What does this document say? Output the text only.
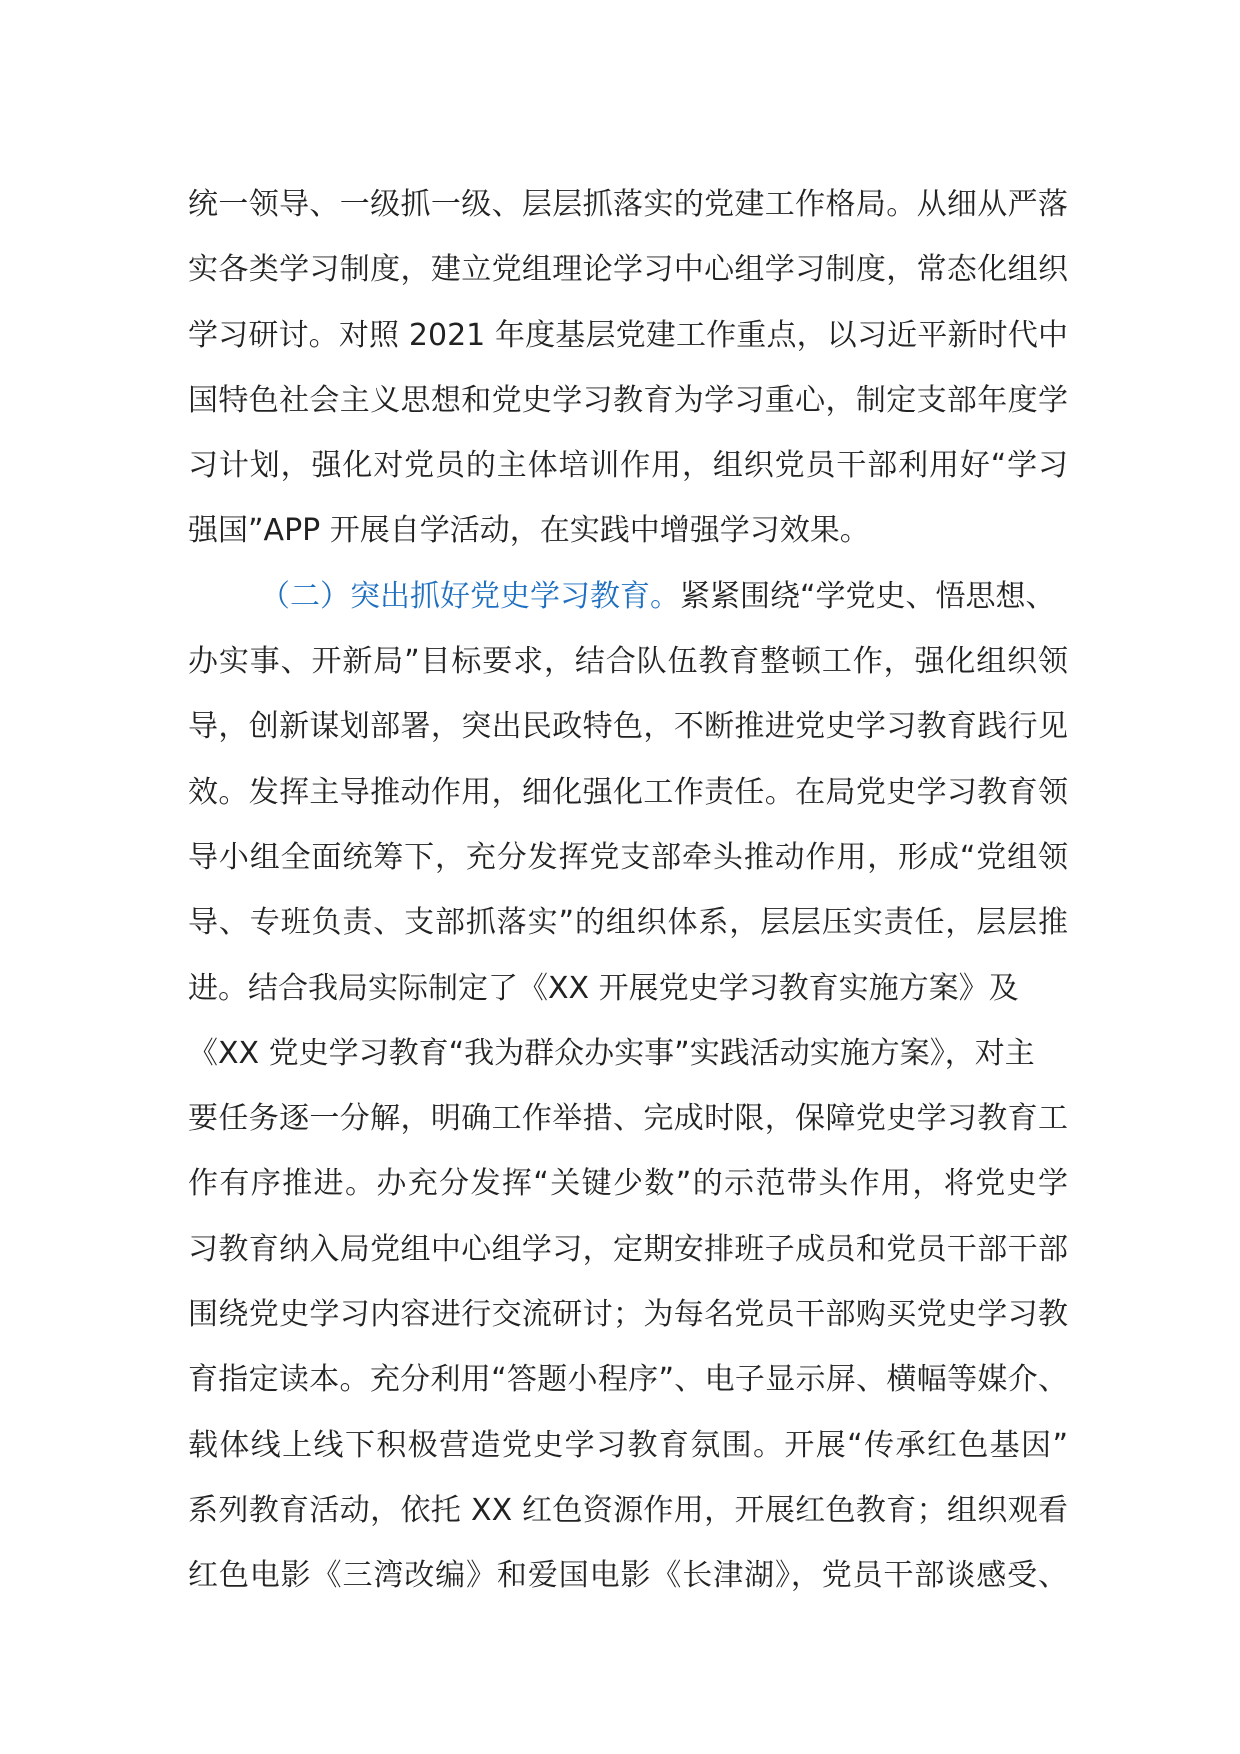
统一领导、一级抓一级、层层抓落实的党建工作格局。从细从严落
实各类学习制度，建立党组理论学习中心组学习制度，常态化组织
学习研讨。对照 2021 年度基层党建工作重点，以习近平新时代中
国特色社会主义思想和党史学习教育为学习重心，制定支部年度学
习计划，强化对党员的主体培训作用，组织党员干部利用好“学习
强国”APP 开展自学活动，在实践中增强学习效果。
（二）突出抓好党史学习教育。紧紧围绕“学党史、悟思想、
办实事、开新局”目标要求，结合队伍教育整顿工作，强化组织领
导，创新谋划部署，突出民政特色，不断推进党史学习教育践行见
效。发挥主导推动作用，细化强化工作责任。在局党史学习教育领
导小组全面统筹下，充分发挥党支部牵头推动作用，形成“党组领
导、专班负责、支部抓落实”的组织体系，层层压实责任，层层推
进。结合我局实际制定了《XX 开展党史学习教育实施方案》及
《XX 党史学习教育“我为群众办实事”实践活动实施方案》，对主
要任务逐一分解，明确工作举措、完成时限，保障党史学习教育工
作有序推进。办充分发挥“关键少数”的示范带头作用，将党史学
习教育纳入局党组中心组学习，定期安排班子成员和党员干部干部
围绕党史学习内容进行交流研讨；为每名党员干部购买党史学习教
育指定读本。充分利用“答题小程序”、电子显示屏、横幅等媒介、
载体线上线下积极营造党史学习教育氛围。开展“传承红色基因”
系列教育活动，依托 XX 红色资源作用，开展红色教育；组织观看
红色电影《三湾改编》和爱国电影《长津湖》，党员干部谈感受、
